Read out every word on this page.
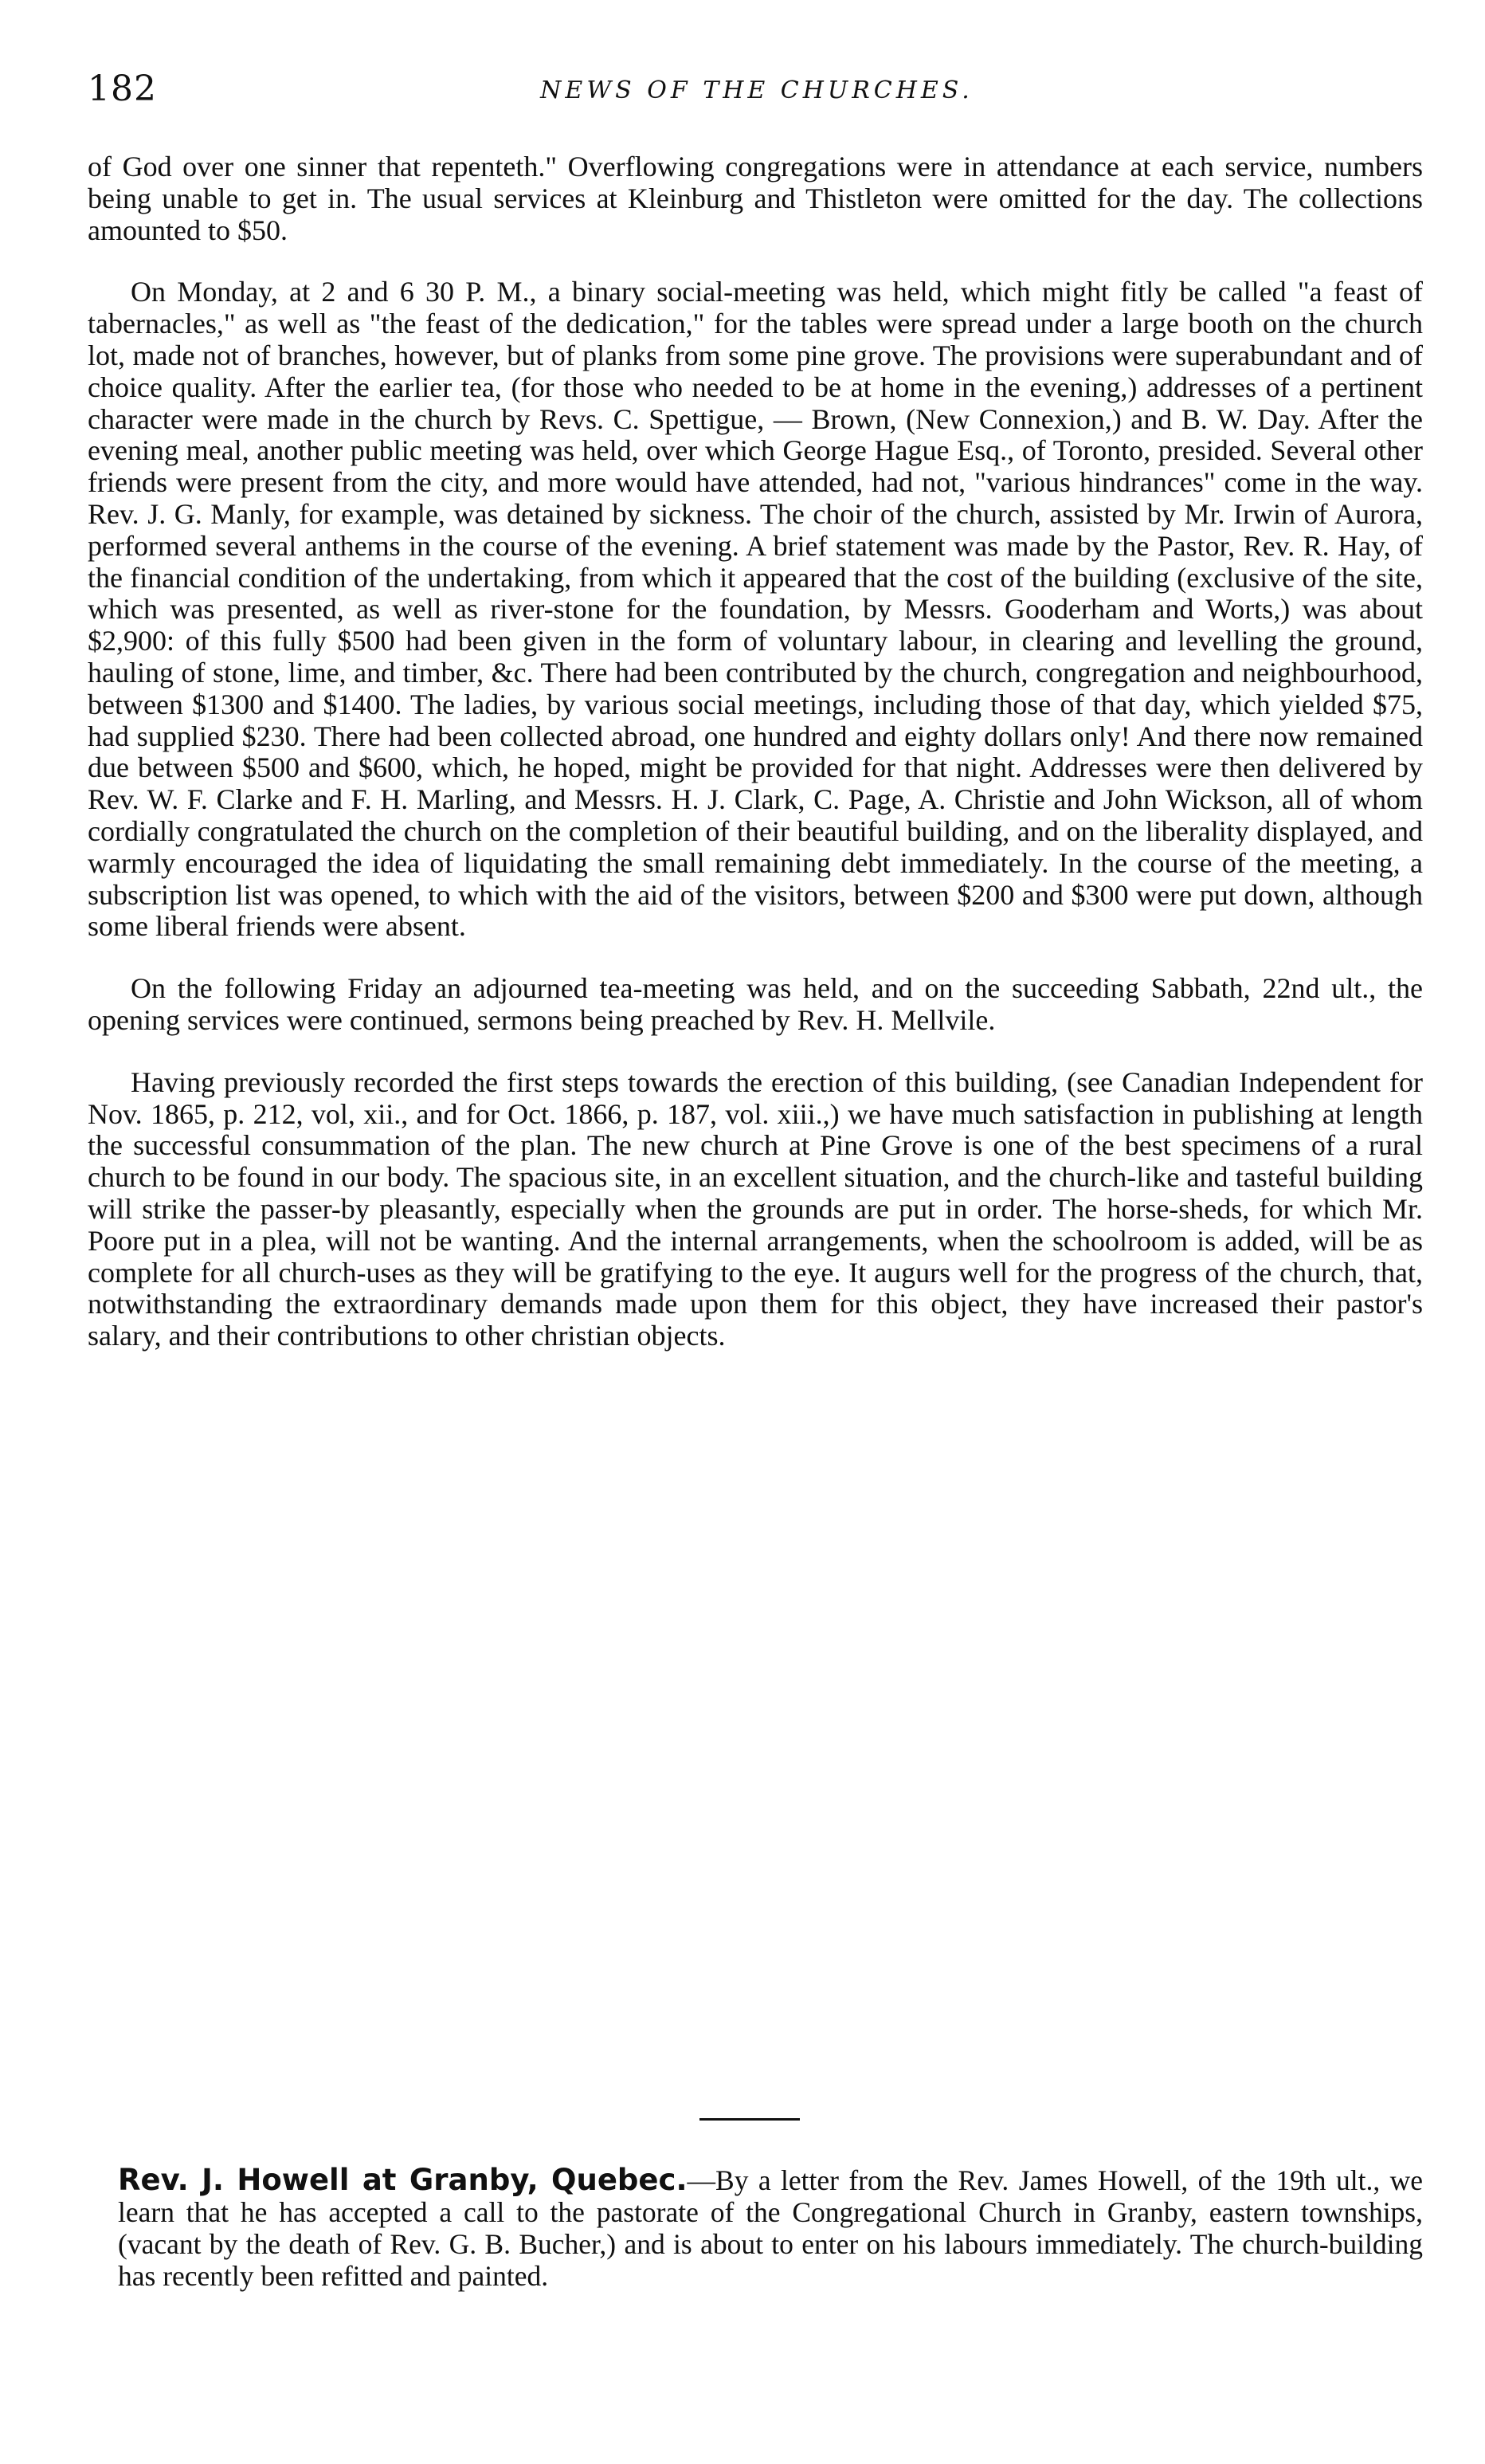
182	NEWS OF THE CHURCHES.

of God over one sinner that repenteth." Overflowing congregations were in attendance at each service, numbers being unable to get in. The usual services at Kleinburg and Thistleton were omitted for the day. The collections amounted to $50.

On Monday, at 2 and 6 30 P. M., a binary social-meeting was held, which might fitly be called "a feast of tabernacles," as well as "the feast of the dedication," for the tables were spread under a large booth on the church lot, made not of branches, however, but of planks from some pine grove. The provisions were superabundant and of choice quality. After the earlier tea, (for those who needed to be at home in the evening,) addresses of a pertinent character were made in the church by Revs. C. Spettigue, — Brown, (New Connexion,) and B. W. Day. After the evening meal, another public meeting was held, over which George Hague Esq., of Toronto, presided. Several other friends were present from the city, and more would have attended, had not, "various hindrances" come in the way. Rev. J. G. Manly, for example, was detained by sickness. The choir of the church, assisted by Mr. Irwin of Aurora, performed several anthems in the course of the evening. A brief statement was made by the Pastor, Rev. R. Hay, of the financial condition of the undertaking, from which it appeared that the cost of the building (exclusive of the site, which was presented, as well as river-stone for the foundation, by Messrs. Gooderham and Worts,) was about $2,900: of this fully $500 had been given in the form of voluntary labour, in clearing and levelling the ground, hauling of stone, lime, and timber, &c. There had been contributed by the church, congregation and neighbourhood, between $1300 and $1400. The ladies, by various social meetings, including those of that day, which yielded $75, had supplied $230. There had been collected abroad, one hundred and eighty dollars only! And there now remained due between $500 and $600, which, he hoped, might be provided for that night. Addresses were then delivered by Rev. W. F. Clarke and F. H. Marling, and Messrs. H. J. Clark, C. Page, A. Christie and John Wickson, all of whom cordially congratulated the church on the completion of their beautiful building, and on the liberality displayed, and warmly encouraged the idea of liquidating the small remaining debt immediately. In the course of the meeting, a subscription list was opened, to which with the aid of the visitors, between $200 and $300 were put down, although some liberal friends were absent.

On the following Friday an adjourned tea-meeting was held, and on the succeeding Sabbath, 22nd ult., the opening services were continued, sermons being preached by Rev. H. Mellvile.

Having previously recorded the first steps towards the erection of this building, (see Canadian Independent for Nov. 1865, p. 212, vol, xii., and for Oct. 1866, p. 187, vol. xiii.,) we have much satisfaction in publishing at length the successful consummation of the plan. The new church at Pine Grove is one of the best specimens of a rural church to be found in our body. The spacious site, in an excellent situation, and the church-like and tasteful building will strike the passer-by pleasantly, especially when the grounds are put in order. The horse-sheds, for which Mr. Poore put in a plea, will not be wanting. And the internal arrangements, when the schoolroom is added, will be as complete for all church-uses as they will be gratifying to the eye. It augurs well for the progress of the church, that, notwithstanding the extraordinary demands made upon them for this object, they have increased their pastor's salary, and their contributions to other christian objects.

Rev. J. Howell at Granby, Quebec.—By a letter from the Rev. James Howell, of the 19th ult., we learn that he has accepted a call to the pastorate of the Congregational Church in Granby, eastern townships, (vacant by the death of Rev. G. B. Bucher,) and is about to enter on his labours immediately. The church-building has recently been refitted and painted.
